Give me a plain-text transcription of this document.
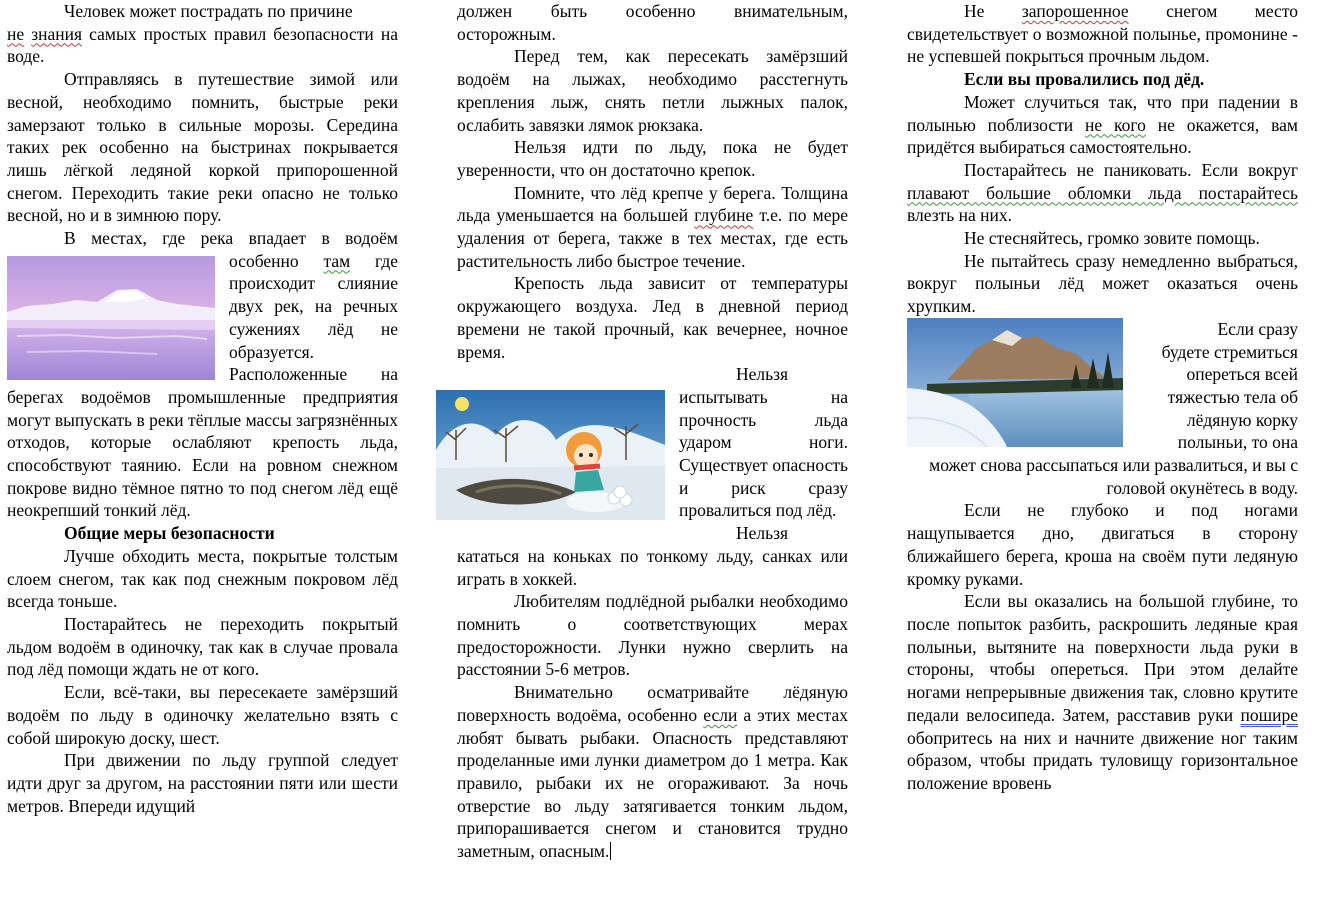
Человек может пострадать по причине
не знания самых простых правил безопасности на воде.

Отправляясь в путешествие зимой или весной, необходимо помнить, быстрые реки замерзают только в сильные морозы. Середина таких рек особенно на быстринах покрывается лишь лёгкой ледяной коркой припорошенной снегом. Переходить такие реки опасно не только весной, но и в зимнюю пору.

В местах, где река впадает в водоём особенно там
где происходит слияние двух рек, на речных сужениях лёд не образуется. Расположенные на берегах водоёмов промышленные предприятия могут выпускать в реки тёплые массы загрязнённых отходов, которые ослабляют крепость льда, способствуют таянию. Если на ровном снежном покрове видно тёмное пятно то под снегом лёд ещё неокрепший тонкий лёд.

Общие меры безопасности

Лучше обходить места, покрытые толстым слоем снегом, так как под снежным покровом лёд всегда тоньше.

Постарайтесь не переходить покрытый льдом водоём в одиночку, так как в случае провала под лёд помощи ждать не от кого.

Если, всё-таки, вы пересекаете замёрзший водоём по льду в одиночку желательно взять с собой широкую доску, шест.

При движении по льду группой следует идти друг за другом, на расстоянии пяти или шести метров. Впереди идущий

должен быть особенно внимательным, осторожным.

Перед тем, как пересекать замёрзший водоём на лыжах, необходимо расстегнуть крепления лыж, снять петли лыжных палок, ослабить завязки лямок рюкзака.

Нельзя идти по льду, пока не будет уверенности, что он достаточно крепок.

Помните, что лёд крепче у берега. Толщина льда уменьшается на большей глубине т.е. по мере удаления от берега, также в тех местах, где есть растительность либо быстрое течение.

Крепость льда зависит от температуры окружающего воздуха. Лед в дневной период времени не такой прочный, как вечернее, ночное время.

Нельзя испытывать на прочность льда ударом ноги. Существует опасность и риск сразу провалиться под лёд.

Нельзя кататься на коньках по тонкому льду, санках или играть в хоккей.

Любителям подлёдной рыбалки необходимо помнить о соответствующих мерах предосторожности. Лунки нужно сверлить на расстоянии 5-6 метров.

Внимательно осматривайте лёдяную поверхность водоёма, особенно если а этих местах любят бывать рыбаки. Опасность представляют проделанные ими лунки диаметром до 1 метра. Как правило, рыбаки их не огораживают. За ночь отверстие во льду затягивается тонким льдом, припорашивается снегом и становится трудно заметным, опасным.

Не запорошенное снегом место свидетельствует о возможной полынье, промонине - не успевшей покрыться прочным льдом.

Если вы провалились под дёд.

Может случиться так, что при падении в полынью поблизости не кого не окажется, вам придётся выбираться самостоятельно.

Постарайтесь не паниковать. Если вокруг плавают большие обломки льда постарайтесь влезть на них.

Не стесняйтесь, громко зовите помощь.

Не пытайтесь сразу немедленно выбраться, вокруг полыньи лёд может оказаться очень хрупким.

Если сразу будете стремиться опереться всей тяжестью тела об лёдяную корку полыньи, то она может снова рассыпаться или развалиться, и вы с головой окунётесь в воду.

Если не глубоко и под ногами нащупывается дно, двигаться в сторону ближайшего берега, кроша на своём пути ледяную кромку руками.

Если вы оказались на большой глубине, то после попыток разбить, раскрошить ледяные края полыньи, вытяните на поверхности льда руки в стороны, чтобы опереться. При этом делайте ногами непрерывные движения так, словно крутите педали велосипеда. Затем, расставив руки пошире обопритесь на них и начните движение ног таким образом, чтобы придать туловищу горизонтальное положение вровень
